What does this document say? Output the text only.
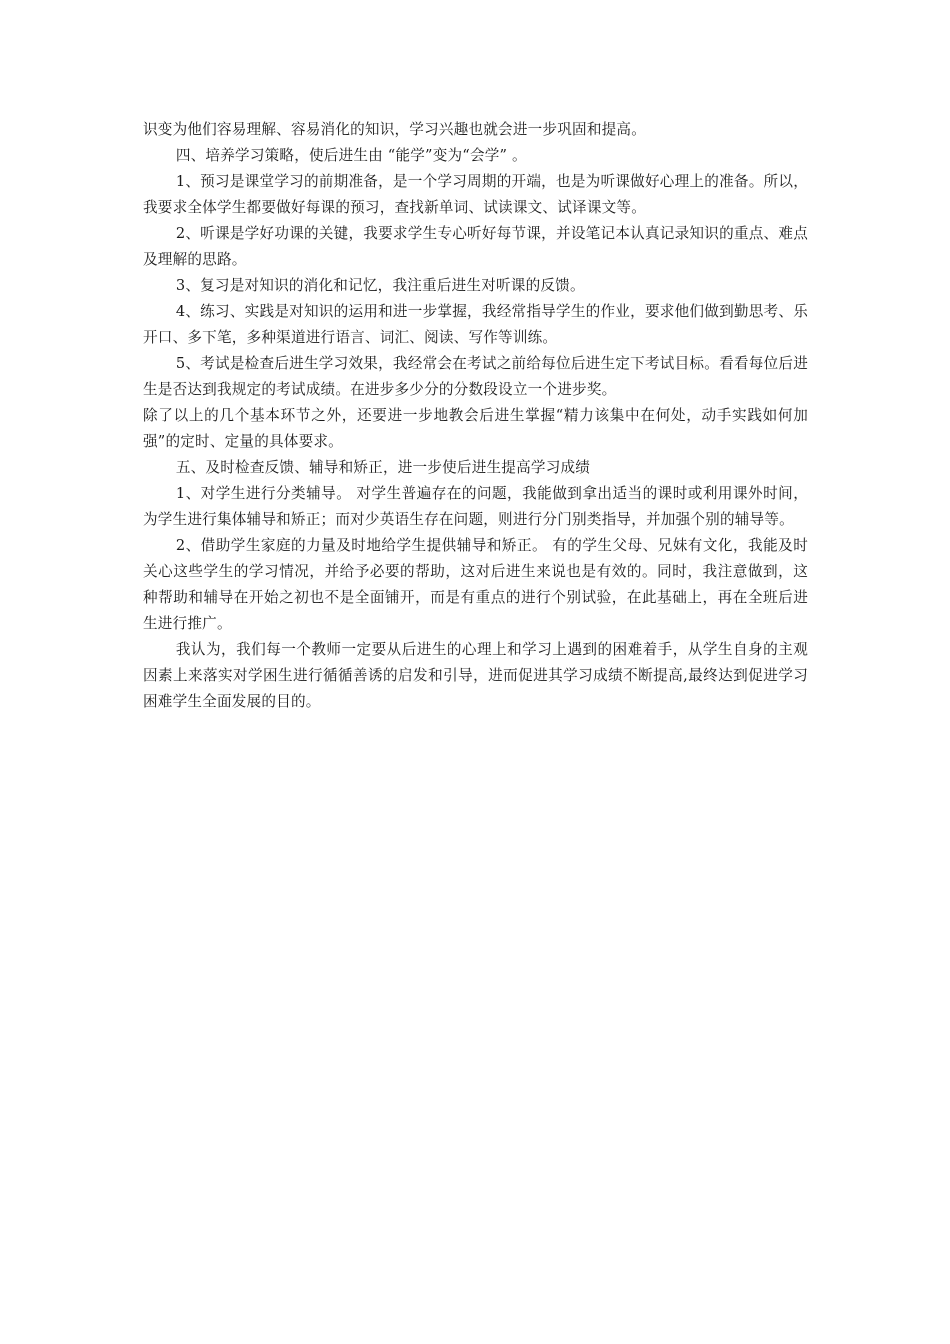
识变为他们容易理解、容易消化的知识，学习兴趣也就会进一步巩固和提高。

四、培养学习策略，使后进生由 “能学”变为“会学” 。

1、预习是课堂学习的前期准备，是一个学习周期的开端，也是为听课做好心理上的准备。所以，我要求全体学生都要做好每课的预习，查找新单词、试读课文、试译课文等。

2、听课是学好功课的关键，我要求学生专心听好每节课，并设笔记本认真记录知识的重点、难点及理解的思路。

3、复习是对知识的消化和记忆，我注重后进生对听课的反馈。

4、练习、实践是对知识的运用和进一步掌握，我经常指导学生的作业，要求他们做到勤思考、乐开口、多下笔，多种渠道进行语言、词汇、阅读、写作等训练。

5、考试是检查后进生学习效果，我经常会在考试之前给每位后进生定下考试目标。看看每位后进生是否达到我规定的考试成绩。在进步多少分的分数段设立一个进步奖。

除了以上的几个基本环节之外，还要进一步地教会后进生掌握“精力该集中在何处，动手实践如何加强”的定时、定量的具体要求。

五、及时检查反馈、辅导和矫正，进一步使后进生提高学习成绩

1、对学生进行分类辅导。 对学生普遍存在的问题，我能做到拿出适当的课时或利用课外时间，为学生进行集体辅导和矫正；而对少英语生存在问题，则进行分门别类指导，并加强个别的辅导等。

2、借助学生家庭的力量及时地给学生提供辅导和矫正。 有的学生父母、兄妹有文化，我能及时关心这些学生的学习情况，并给予必要的帮助，这对后进生来说也是有效的。同时，我注意做到，这种帮助和辅导在开始之初也不是全面铺开，而是有重点的进行个别试验，在此基础上，再在全班后进生进行推广。

我认为，我们每一个教师一定要从后进生的心理上和学习上遇到的困难着手，从学生自身的主观因素上来落实对学困生进行循循善诱的启发和引导，进而促进其学习成绩不断提高,最终达到促进学习困难学生全面发展的目的。
